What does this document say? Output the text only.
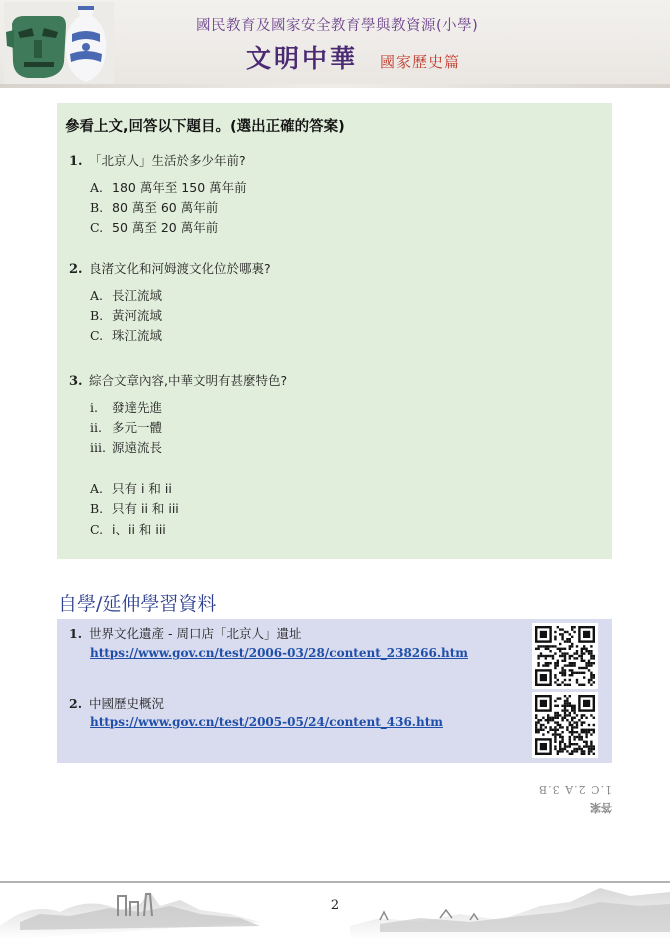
國民教育及國家安全教育學與教資源(小學)
文明中華 國家歷史篇
參看上文,回答以下題目。(選出正確的答案)
1. 「北京人」生活於多少年前?
A. 180 萬年至 150 萬年前
B. 80 萬至 60 萬年前
C. 50 萬至 20 萬年前
2. 良渚文化和河姆渡文化位於哪裏?
A. 長江流域
B. 黃河流域
C. 珠江流域
3. 綜合文章內容,中華文明有甚麼特色?
i. 發達先進
ii. 多元一體
iii. 源遠流長
A. 只有 i 和 ii
B. 只有 ii 和 iii
C. i、ii 和 iii
自學/延伸學習資料
1. 世界文化遺產 - 周口店「北京人」遺址
https://www.gov.cn/test/2006-03/28/content_238266.htm
2. 中國歷史概況
https://www.gov.cn/test/2005-05/24/content_436.htm
答案
1.C 2.A 3.B
2
